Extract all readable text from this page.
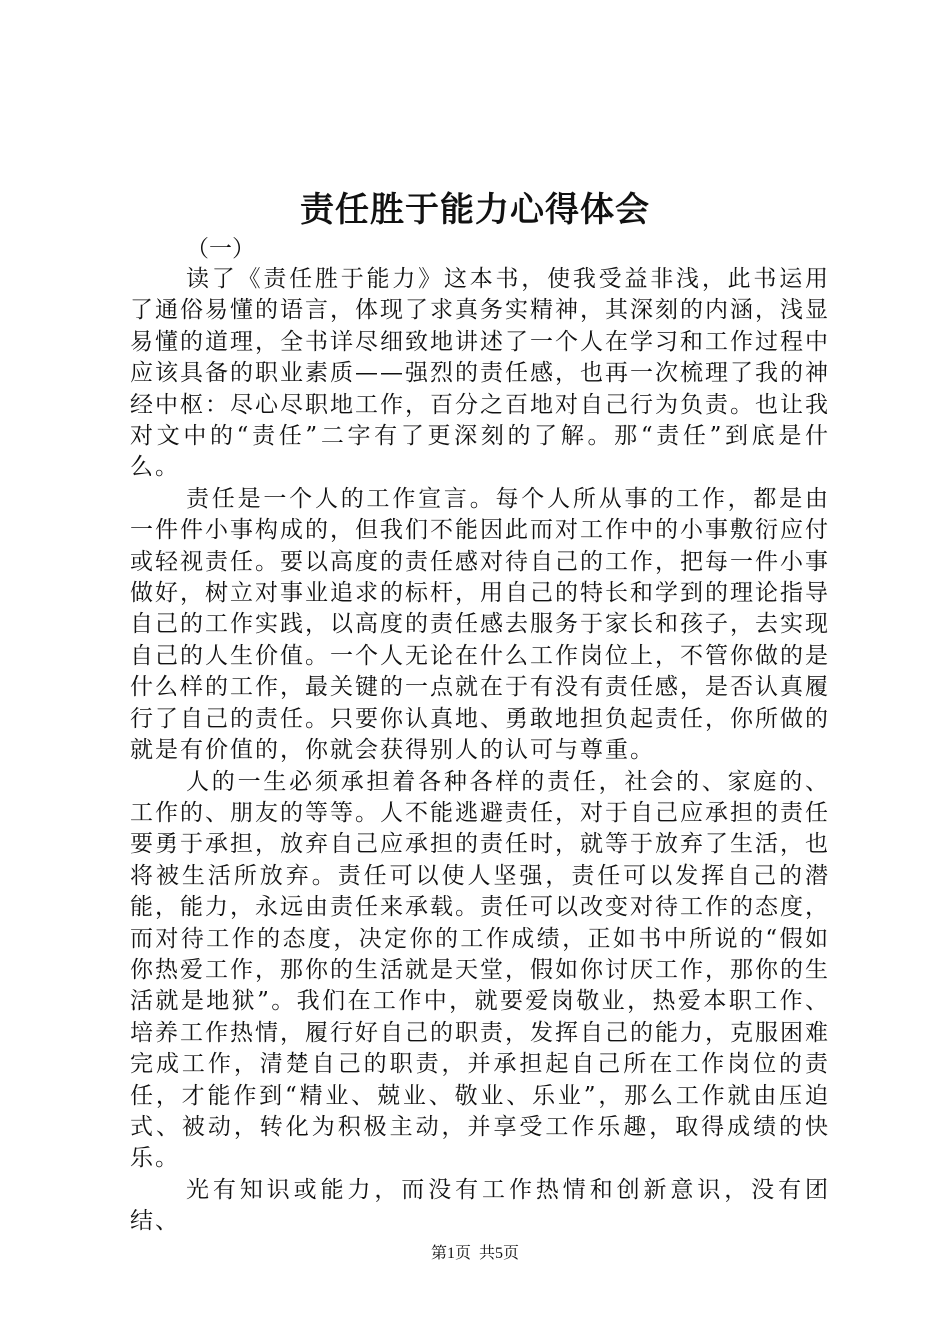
责任胜于能力心得体会
（一）

读了《责任胜于能力》这本书，使我受益非浅，此书运用了通俗易懂的语言，体现了求真务实精神，其深刻的内涵，浅显易懂的道理，全书详尽细致地讲述了一个人在学习和工作过程中应该具备的职业素质——强烈的责任感，也再一次梳理了我的神经中枢：尽心尽职地工作，百分之百地对自己行为负责。也让我对文中的“责任”二字有了更深刻的了解。那“责任”到底是什么。

责任是一个人的工作宣言。每个人所从事的工作，都是由一件件小事构成的，但我们不能因此而对工作中的小事敷衍应付或轻视责任。要以高度的责任感对待自己的工作，把每一件小事做好，树立对事业追求的标杆，用自己的特长和学到的理论指导自己的工作实践，以高度的责任感去服务于家长和孩子，去实现自己的人生价值。一个人无论在什么工作岗位上，不管你做的是什么样的工作，最关键的一点就在于有没有责任感，是否认真履行了自己的责任。只要你认真地、勇敢地担负起责任，你所做的就是有价值的，你就会获得别人的认可与尊重。

人的一生必须承担着各种各样的责任，社会的、家庭的、工作的、朋友的等等。人不能逃避责任，对于自己应承担的责任要勇于承担，放弃自己应承担的责任时，就等于放弃了生活，也将被生活所放弃。责任可以使人坚强，责任可以发挥自己的潜能，能力，永远由责任来承载。责任可以改变对待工作的态度，而对待工作的态度，决定你的工作成绩，正如书中所说的“假如你热爱工作，那你的生活就是天堂，假如你讨厌工作，那你的生活就是地狱”。我们在工作中，就要爱岗敬业，热爱本职工作、培养工作热情，履行好自己的职责，发挥自己的能力，克服困难完成工作，清楚自己的职责，并承担起自己所在工作岗位的责任，才能作到“精业、兢业、敬业、乐业”，那么工作就由压迫式、被动，转化为积极主动，并享受工作乐趣，取得成绩的快乐。

光有知识或能力，而没有工作热情和创新意识，没有团结、

第1页 共5页
